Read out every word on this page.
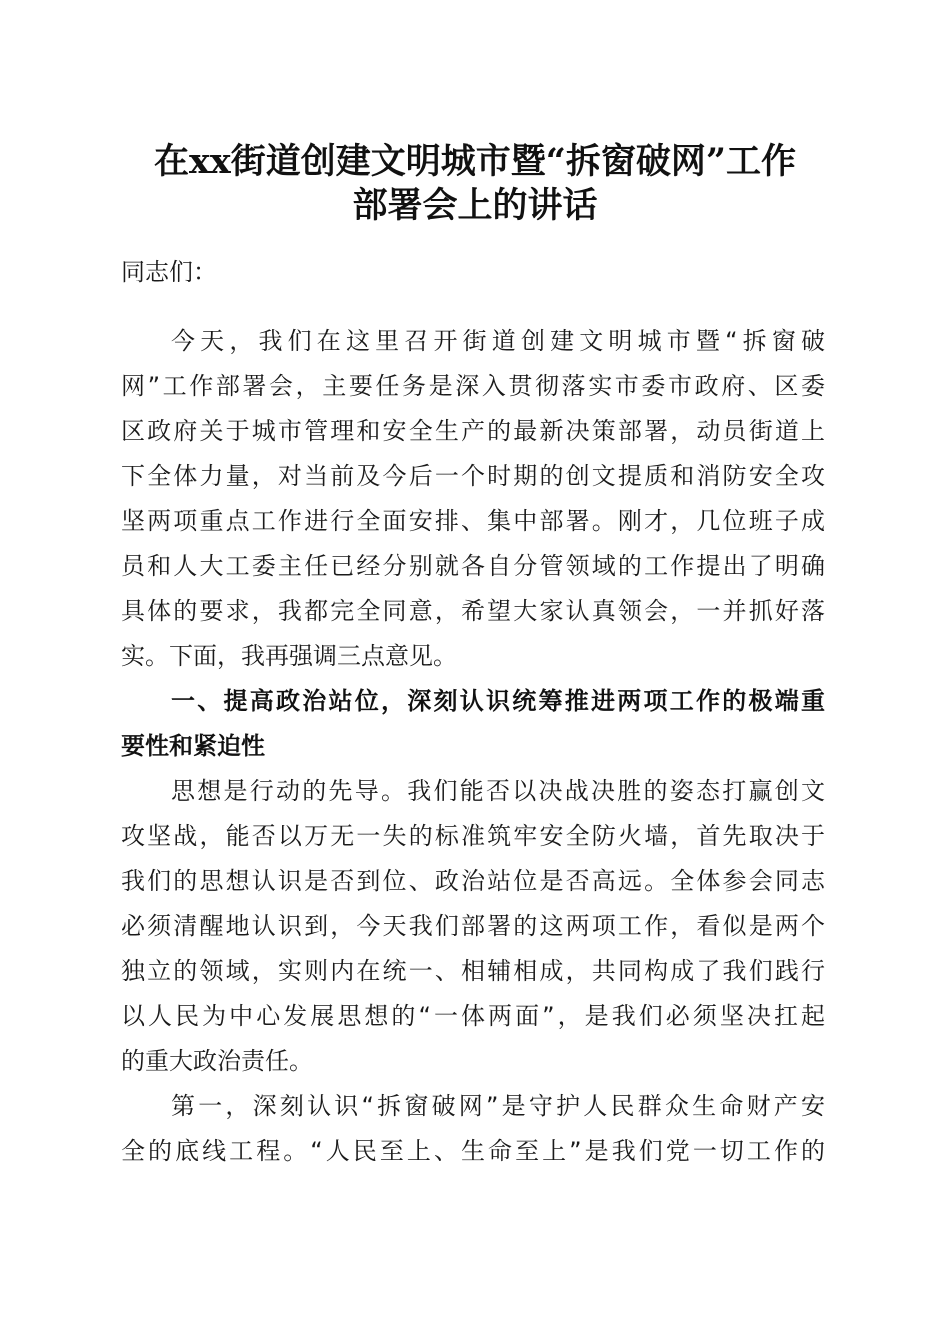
在xx街道创建文明城市暨“拆窗破网”工作
部署会上的讲话
同志们：
今天，我们在这里召开街道创建文明城市暨“拆窗破
网”工作部署会，主要任务是深入贯彻落实市委市政府、区委
区政府关于城市管理和安全生产的最新决策部署，动员街道上
下全体力量，对当前及今后一个时期的创文提质和消防安全攻
坚两项重点工作进行全面安排、集中部署。刚才，几位班子成
员和人大工委主任已经分别就各自分管领域的工作提出了明确
具体的要求，我都完全同意，希望大家认真领会，一并抓好落
实。下面，我再强调三点意见。
一、提高政治站位，深刻认识统筹推进两项工作的极端重
要性和紧迫性
思想是行动的先导。我们能否以决战决胜的姿态打赢创文
攻坚战，能否以万无一失的标准筑牢安全防火墙，首先取决于
我们的思想认识是否到位、政治站位是否高远。全体参会同志
必须清醒地认识到，今天我们部署的这两项工作，看似是两个
独立的领域，实则内在统一、相辅相成，共同构成了我们践行
以人民为中心发展思想的“一体两面”，是我们必须坚决扛起
的重大政治责任。
第一，深刻认识“拆窗破网”是守护人民群众生命财产安
全的底线工程。“人民至上、生命至上”是我们党一切工作的
